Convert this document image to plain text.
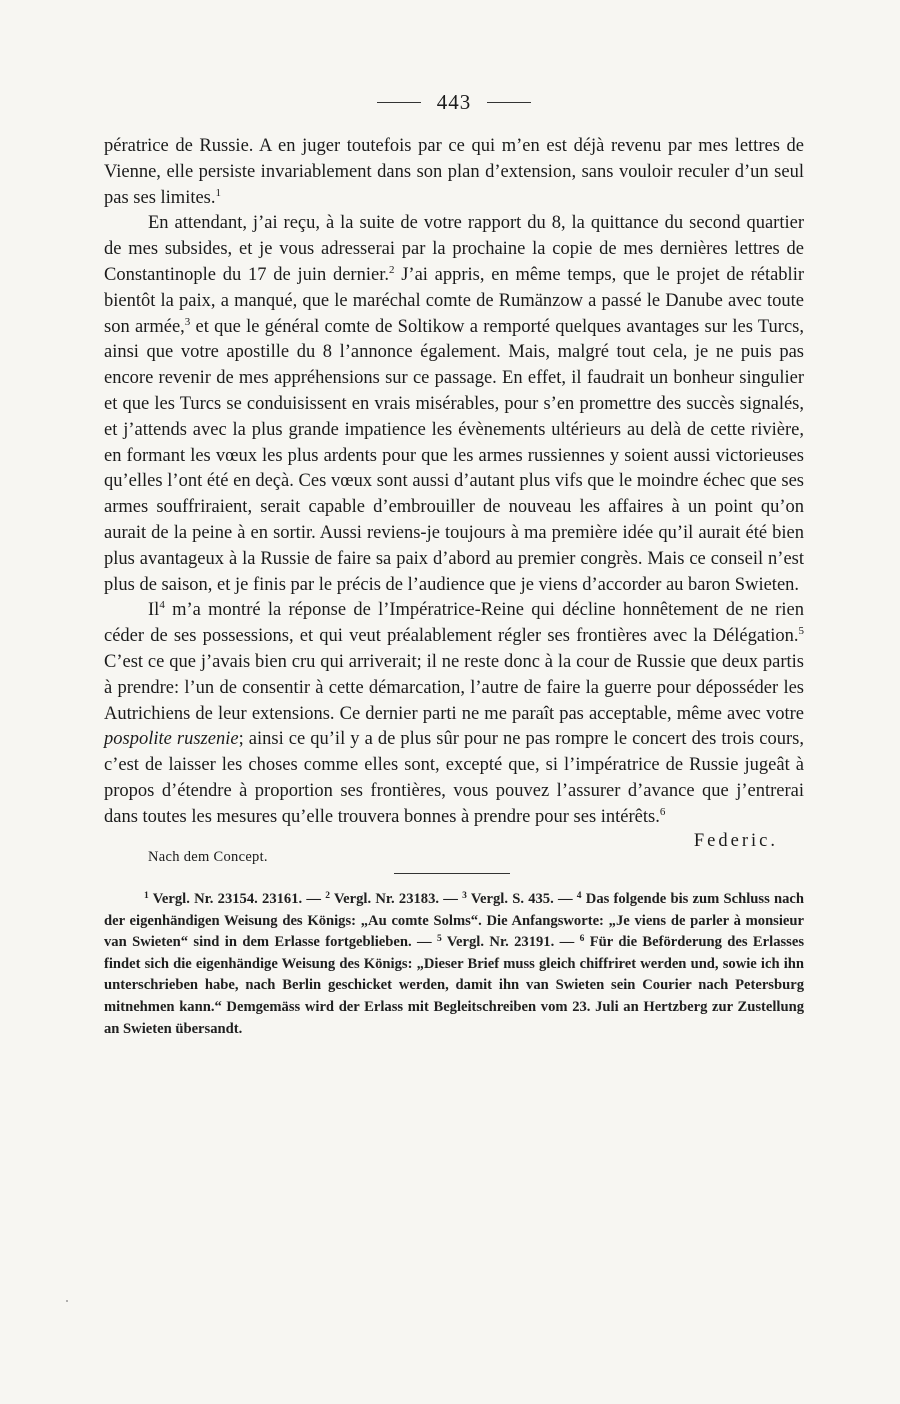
443

pératrice de Russie. A en juger toutefois par ce qui m’en est déjà revenu par mes lettres de Vienne, elle persiste invariablement dans son plan d’extension, sans vouloir reculer d’un seul pas ses limites.$^1$

En attendant, j’ai reçu, à la suite de votre rapport du 8, la quittance du second quartier de mes subsides, et je vous adresserai par la prochaine la copie de mes dernières lettres de Constantinople du 17 de juin dernier.$^2$ J’ai appris, en même temps, que le projet de rétablir bientôt la paix, a manqué, que le maréchal comte de Rumänzow a passé le Danube avec toute son armée,$^3$ et que le général comte de Soltikow a remporté quelques avantages sur les Turcs, ainsi que votre apostille du 8 l’annonce également. Mais, malgré tout cela, je ne puis pas encore revenir de mes appréhensions sur ce passage. En effet, il faudrait un bonheur singulier et que les Turcs se conduisissent en vrais misérables, pour s’en promettre des succès signalés, et j’attends avec la plus grande impatience les évènements ultérieurs au delà de cette rivière, en formant les vœux les plus ardents pour que les armes russiennes y soient aussi victorieuses qu’elles l’ont été en deçà. Ces vœux sont aussi d’autant plus vifs que le moindre échec que ses armes souffriraient, serait capable d’embrouiller de nouveau les affaires à un point qu’on aurait de la peine à en sortir. Aussi reviens-je toujours à ma première idée qu’il aurait été bien plus avantageux à la Russie de faire sa paix d’abord au premier congrès. Mais ce conseil n’est plus de saison, et je finis par le précis de l’audience que je viens d’accorder au baron Swieten.

Il$^4$ m’a montré la réponse de l’Impératrice-Reine qui décline honnêtement de ne rien céder de ses possessions, et qui veut préalablement régler ses frontières avec la Délégation.$^5$ C’est ce que j’avais bien cru qui arriverait; il ne reste donc à la cour de Russie que deux partis à prendre: l’un de consentir à cette démarcation, l’autre de faire la guerre pour déposséder les Autrichiens de leur extensions. Ce dernier parti ne me paraît pas acceptable, même avec votre pospolite ruszenie; ainsi ce qu’il y a de plus sûr pour ne pas rompre le concert des trois cours, c’est de laisser les choses comme elles sont, excepté que, si l’impératrice de Russie jugeât à propos d’étendre à proportion ses frontières, vous pouvez l’assurer d’avance que j’entrerai dans toutes les mesures qu’elle trouvera bonnes à prendre pour ses intérêts.$^6$

Nach dem Concept.
Federic.

$^1$ Vergl. Nr. 23154. 23161. — $^2$ Vergl. Nr. 23183. — $^3$ Vergl. S. 435. — $^4$ Das folgende bis zum Schluss nach der eigenhändigen Weisung des Königs: „Au comte Solms“. Die Anfangsworte: „Je viens de parler à monsieur van Swieten“ sind in dem Erlasse fortgeblieben. — $^5$ Vergl. Nr. 23191. — $^6$ Für die Beförderung des Erlasses findet sich die eigenhändige Weisung des Königs: „Dieser Brief muss gleich chiffriret werden und, sowie ich ihn unterschrieben habe, nach Berlin geschicket werden, damit ihn van Swieten sein Courier nach Petersburg mitnehmen kann.“ Demgemäss wird der Erlass mit Begleitschreiben vom 23. Juli an Hertzberg zur Zustellung an Swieten übersandt.
